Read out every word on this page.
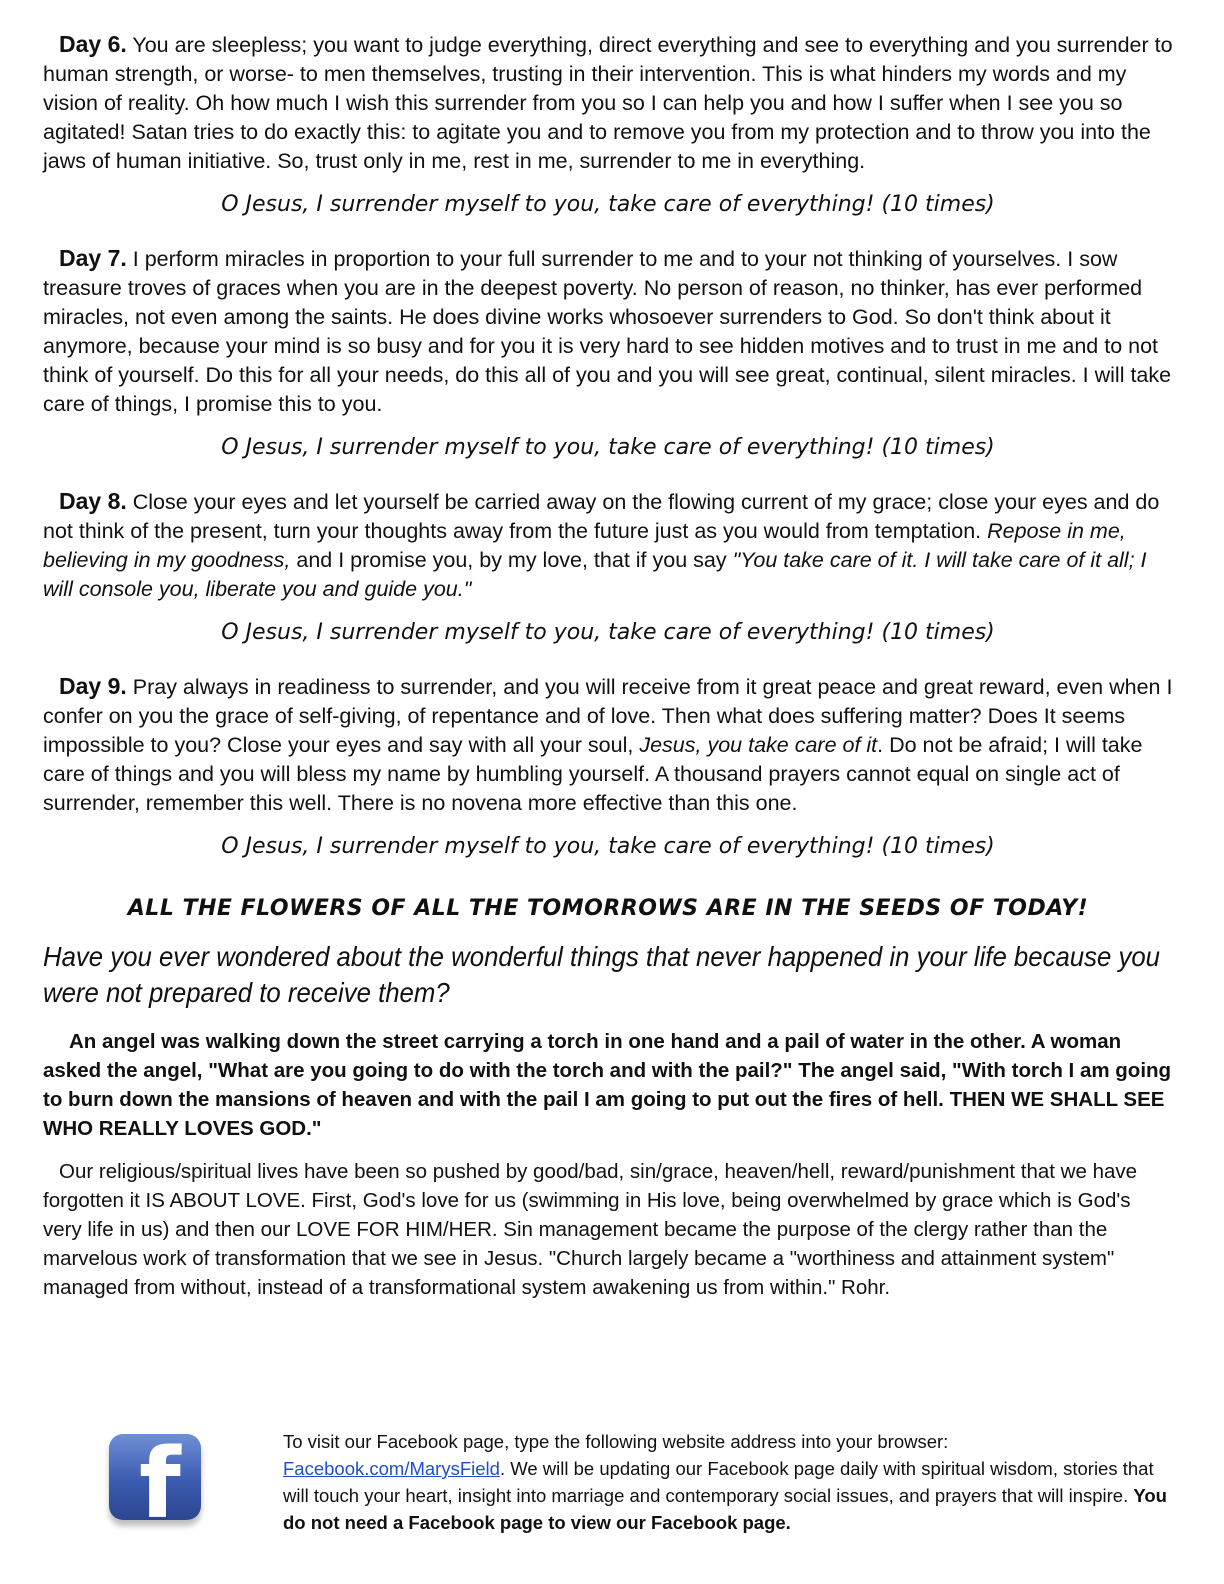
Day 6. You are sleepless; you want to judge everything, direct everything and see to everything and you surrender to human strength, or worse- to men themselves, trusting in their intervention. This is what hinders my words and my vision of reality. Oh how much I wish this surrender from you so I can help you and how I suffer when I see you so agitated! Satan tries to do exactly this: to agitate you and to remove you from my protection and to throw you into the jaws of human initiative. So, trust only in me, rest in me, surrender to me in everything.

O Jesus, I surrender myself to you, take care of everything! (10 times)

Day 7. I perform miracles in proportion to your full surrender to me and to your not thinking of yourselves. I sow treasure troves of graces when you are in the deepest poverty. No person of reason, no thinker, has ever performed miracles, not even among the saints. He does divine works whosoever surrenders to God. So don't think about it anymore, because your mind is so busy and for you it is very hard to see hidden motives and to trust in me and to not think of yourself. Do this for all your needs, do this all of you and you will see great, continual, silent miracles. I will take care of things, I promise this to you.

O Jesus, I surrender myself to you, take care of everything! (10 times)

Day 8. Close your eyes and let yourself be carried away on the flowing current of my grace; close your eyes and do not think of the present, turn your thoughts away from the future just as you would from temptation. Repose in me, believing in my goodness, and I promise you, by my love, that if you say "You take care of it. I will take care of it all; I will console you, liberate you and guide you."

O Jesus, I surrender myself to you, take care of everything! (10 times)

Day 9. Pray always in readiness to surrender, and you will receive from it great peace and great reward, even when I confer on you the grace of self-giving, of repentance and of love. Then what does suffering matter? Does It seems impossible to you? Close your eyes and say with all your soul, Jesus, you take care of it. Do not be afraid; I will take care of things and you will bless my name by humbling yourself. A thousand prayers cannot equal on single act of surrender, remember this well. There is no novena more effective than this one.

O Jesus, I surrender myself to you, take care of everything! (10 times)

ALL THE FLOWERS OF ALL THE TOMORROWS ARE IN THE SEEDS OF TODAY!

Have you ever wondered about the wonderful things that never happened in your life because you were not prepared to receive them?

An angel was walking down the street carrying a torch in one hand and a pail of water in the other. A woman asked the angel, "What are you going to do with the torch and with the pail?" The angel said, "With torch I am going to burn down the mansions of heaven and with the pail I am going to put out the fires of hell. THEN WE SHALL SEE WHO REALLY LOVES GOD."

Our religious/spiritual lives have been so pushed by good/bad, sin/grace, heaven/hell, reward/punishment that we have forgotten it IS ABOUT LOVE. First, God's love for us (swimming in His love, being overwhelmed by grace which is God's very life in us) and then our LOVE FOR HIM/HER. Sin management became the purpose of the clergy rather than the marvelous work of transformation that we see in Jesus. "Church largely became a "worthiness and attainment system" managed from without, instead of a transformational system awakening us from within." Rohr.

f	To visit our Facebook page, type the following website address into your browser:
Facebook.com/MarysField. We will be updating our Facebook page daily with spiritual wisdom, stories that will touch your heart, insight into marriage and contemporary social issues, and prayers that will inspire. You do not need a Facebook page to view our Facebook page.
